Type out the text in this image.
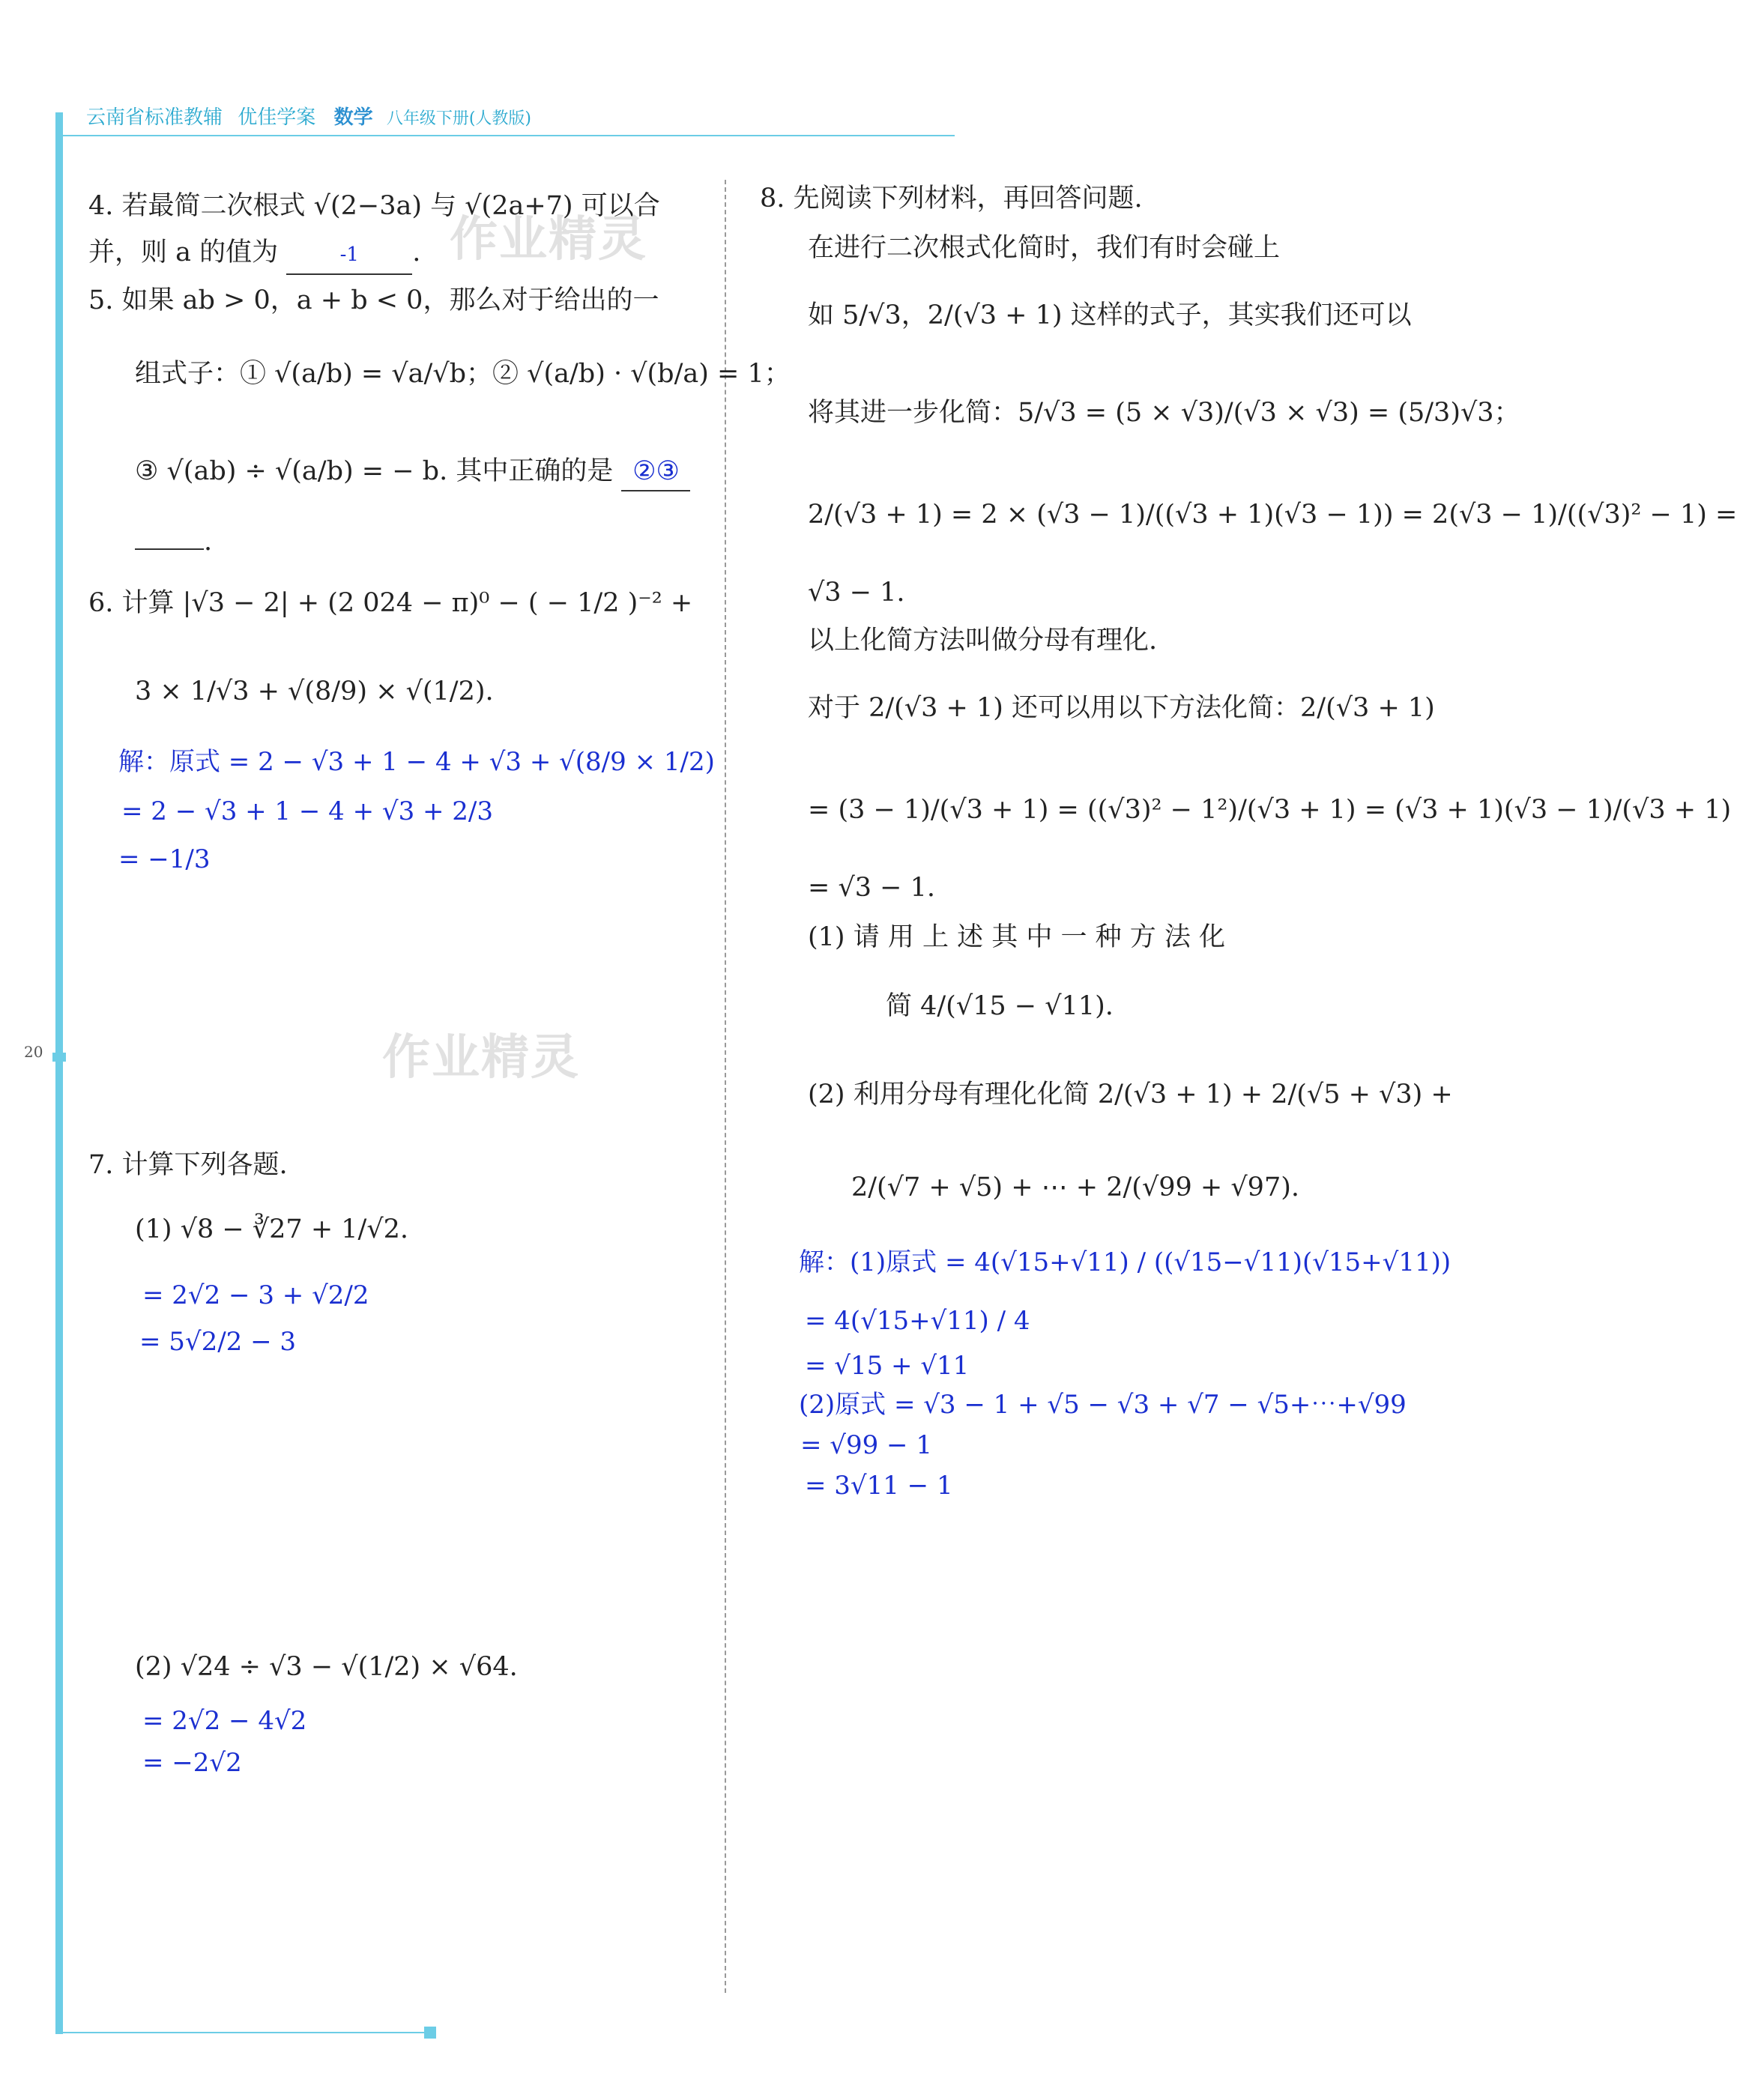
20
云南省标准教辅 优佳学案 数学 八年级下册(人教版)
作业精灵
作业精灵
4. 若最简二次根式 √(2−3a) 与 √(2a+7) 可以合
并，则 a 的值为	-1 .
5. 如果 ab > 0，a + b < 0，那么对于给出的一
组式子：① √(a/b) = √a/√b；② √(a/b) · √(b/a) = 1；
③ √(ab) ÷ √(a/b) = − b. 其中正确的是 ②③
.
6. 计算 |√3 − 2| + (2 024 − π)⁰ − ( − 1/2 )⁻² +
3 × 1/√3 + √(8/9) × √(1/2).
解：原式 = 2 − √3 + 1 − 4 + √3 + √(8/9 × 1/2)
= 2 − √3 + 1 − 4 + √3 + 2/3
= −1/3
7. 计算下列各题.
(1) √8 − ∛27 + 1/√2.
= 2√2 − 3 + √2/2
= 5√2/2 − 3
(2) √24 ÷ √3 − √(1/2) × √64.
= 2√2 − 4√2
= −2√2
8. 先阅读下列材料，再回答问题.
在进行二次根式化简时，我们有时会碰上
如 5/√3，2/(√3 + 1) 这样的式子，其实我们还可以
将其进一步化简：5/√3 = (5 × √3)/(√3 × √3) = (5/3)√3；
2/(√3 + 1) = 2 × (√3 − 1)/((√3 + 1)(√3 − 1)) = 2(√3 − 1)/((√3)² − 1) =
√3 − 1.
以上化简方法叫做分母有理化.
对于 2/(√3 + 1) 还可以用以下方法化简：2/(√3 + 1)
= (3 − 1)/(√3 + 1) = ((√3)² − 1²)/(√3 + 1) = (√3 + 1)(√3 − 1)/(√3 + 1)
= √3 − 1.
(1) 请 用 上 述 其 中 一 种 方 法 化
简 4/(√15 − √11).
(2) 利用分母有理化化简 2/(√3 + 1) + 2/(√5 + √3) +
2/(√7 + √5) + ⋯ + 2/(√99 + √97).
解：(1)原式 = 4(√15+√11) / ((√15−√11)(√15+√11))
= 4(√15+√11) / 4
= √15 + √11
(2)原式 = √3 − 1 + √5 − √3 + √7 − √5+⋯+√99
= √99 − 1
= 3√11 − 1
